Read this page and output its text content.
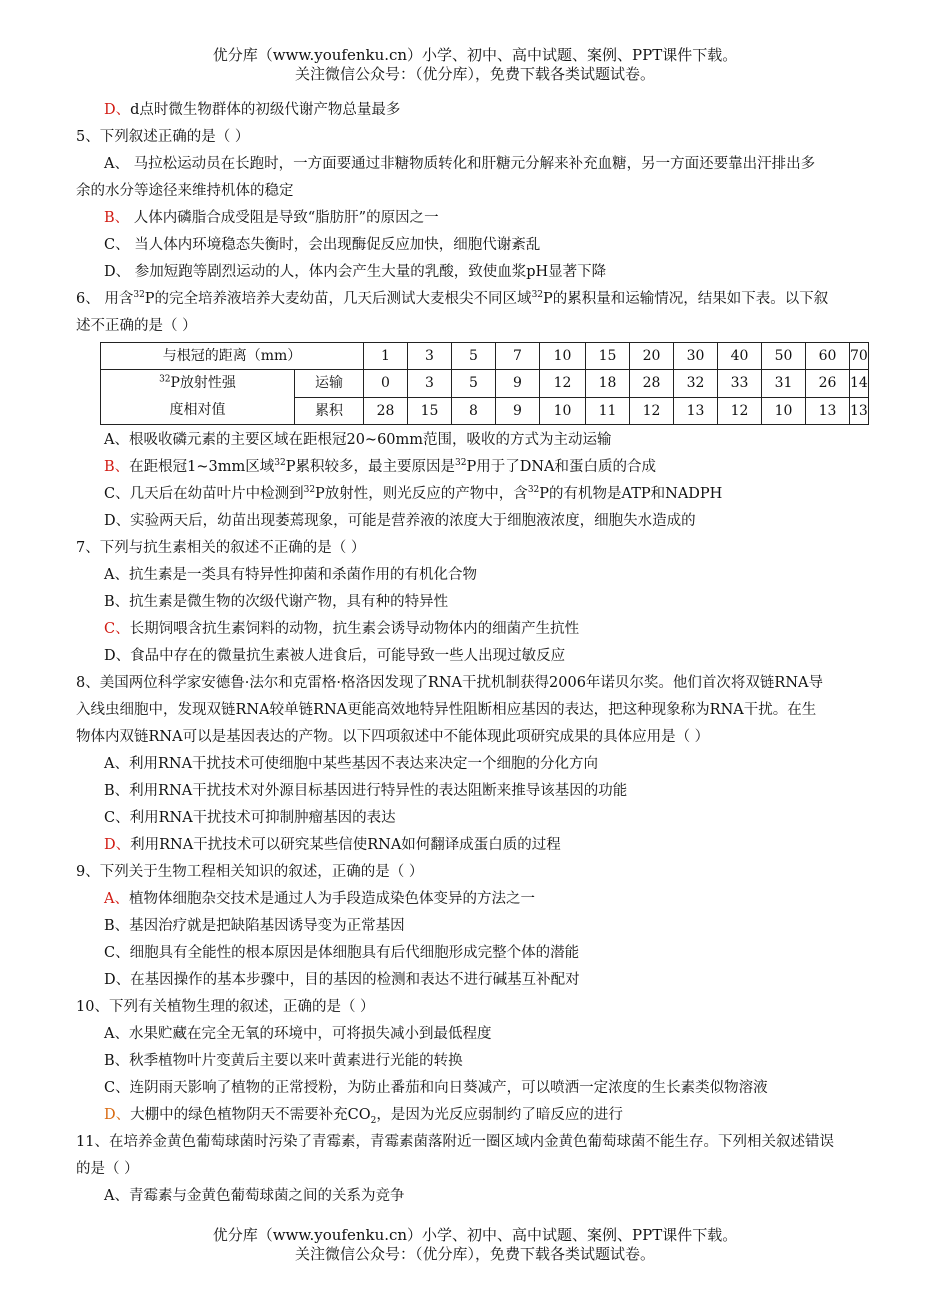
优分库（www.youfenku.cn）小学、初中、高中试题、案例、PPT课件下载。
关注微信公众号：（优分库），免费下载各类试题试卷。
D、d点时微生物群体的初级代谢产物总量最多
5、下列叙述正确的是（ ）
A、 马拉松运动员在长跑时，一方面要通过非糖物质转化和肝糖元分解来补充血糖，另一方面还要靠出汗排出多
余的水分等途径来维持机体的稳定
B、 人体内磷脂合成受阻是导致“脂肪肝”的原因之一
C、 当人体内环境稳态失衡时，会出现酶促反应加快，细胞代谢紊乱
D、 参加短跑等剧烈运动的人，体内会产生大量的乳酸，致使血浆pH显著下降
6、 用含$^{32}$P的完全培养液培养大麦幼苗，几天后测试大麦根尖不同区域$^{32}$P的累积量和运输情况，结果如下表。以下叙
述不正确的是（ ）
与根冠的距离（mm）		1	3	5	7	10	15	20	30	40	50	60	70

$^{32}$P放射性强
度相对值	运输	0	3	5	9	12	18	28	32	33	31	26	14
	累积	28	15	8	9	10	11	12	13	12	10	13	13
A、根吸收磷元素的主要区域在距根冠20~60mm范围，吸收的方式为主动运输
B、在距根冠1~3mm区域$^{32}$P累积较多，最主要原因是$^{32}$P用于了DNA和蛋白质的合成
C、几天后在幼苗叶片中检测到$^{32}$P放射性，则光反应的产物中，含$^{32}$P的有机物是ATP和NADPH
D、实验两天后，幼苗出现萎蔫现象，可能是营养液的浓度大于细胞液浓度，细胞失水造成的
7、下列与抗生素相关的叙述不正确的是（ ）
A、抗生素是一类具有特异性抑菌和杀菌作用的有机化合物
B、抗生素是微生物的次级代谢产物，具有种的特异性
C、长期饲喂含抗生素饲料的动物，抗生素会诱导动物体内的细菌产生抗性
D、食品中存在的微量抗生素被人进食后，可能导致一些人出现过敏反应
8、美国两位科学家安德鲁·法尔和克雷格·格洛因发现了RNA干扰机制获得2006年诺贝尔奖。他们首次将双链RNA导
入线虫细胞中，发现双链RNA较单链RNA更能高效地特异性阻断相应基因的表达，把这种现象称为RNA干扰。在生
物体内双链RNA可以是基因表达的产物。以下四项叙述中不能体现此项研究成果的具体应用是（ ）
A、利用RNA干扰技术可使细胞中某些基因不表达来决定一个细胞的分化方向
B、利用RNA干扰技术对外源目标基因进行特异性的表达阻断来推导该基因的功能
C、利用RNA干扰技术可抑制肿瘤基因的表达
D、利用RNA干扰技术可以研究某些信使RNA如何翻译成蛋白质的过程
9、下列关于生物工程相关知识的叙述，正确的是（ ）
A、植物体细胞杂交技术是通过人为手段造成染色体变异的方法之一
B、基因治疗就是把缺陷基因诱导变为正常基因
C、细胞具有全能性的根本原因是体细胞具有后代细胞形成完整个体的潜能
D、在基因操作的基本步骤中，目的基因的检测和表达不进行碱基互补配对
10、下列有关植物生理的叙述，正确的是（ ）
A、水果贮藏在完全无氧的环境中，可将损失减小到最低程度
B、秋季植物叶片变黄后主要以来叶黄素进行光能的转换
C、连阴雨天影响了植物的正常授粉，为防止番茄和向日葵减产，可以喷洒一定浓度的生长素类似物溶液
D、大棚中的绿色植物阴天不需要补充$CO_2$，是因为光反应弱制约了暗反应的进行
11、在培养金黄色葡萄球菌时污染了青霉素，青霉素菌落附近一圈区域内金黄色葡萄球菌不能生存。下列相关叙述错误
的是（ ）
A、青霉素与金黄色葡萄球菌之间的关系为竞争
优分库（www.youfenku.cn）小学、初中、高中试题、案例、PPT课件下载。
关注微信公众号：（优分库），免费下载各类试题试卷。
